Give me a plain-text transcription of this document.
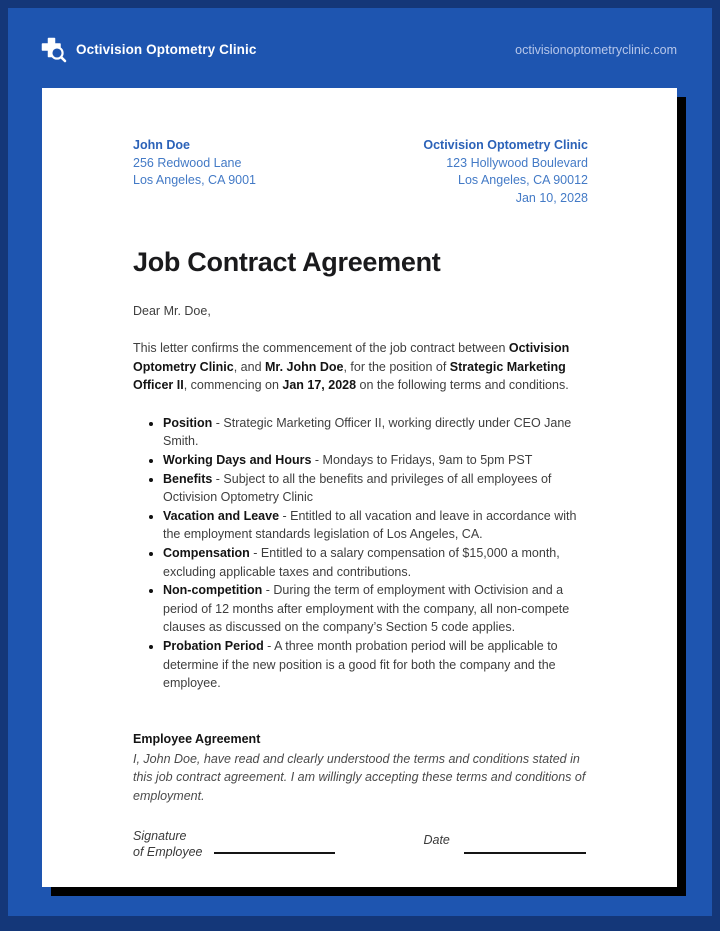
Octivision Optometry Clinic	octivisionoptometryclinic.com
John Doe
256 Redwood Lane
Los Angeles, CA 9001
Octivision Optometry Clinic
123 Hollywood Boulevard
Los Angeles, CA 90012
Jan 10, 2028
Job Contract Agreement

Dear Mr. Doe,

This letter confirms the commencement of the job contract between Octivision Optometry Clinic, and Mr. John Doe, for the position of Strategic Marketing Officer II, commencing on Jan 17, 2028 on the following terms and conditions.

• Position - Strategic Marketing Officer II, working directly under CEO Jane Smith.
• Working Days and Hours - Mondays to Fridays, 9am to 5pm PST
• Benefits - Subject to all the benefits and privileges of all employees of Octivision Optometry Clinic
• Vacation and Leave - Entitled to all vacation and leave in accordance with the employment standards legislation of Los Angeles, CA.
• Compensation - Entitled to a salary compensation of $15,000 a month, excluding applicable taxes and contributions.
• Non-competition - During the term of employment with Octivision and a period of 12 months after employment with the company, all non-compete clauses as discussed on the company’s Section 5 code applies.
• Probation Period - A three month probation period will be applicable to determine if the new position is a good fit for both the company and the employee.
Employee Agreement

I, John Doe, have read and clearly understood the terms and conditions stated in this job contract agreement. I am willingly accepting these terms and conditions of employment.

Signature
of Employee
Date
